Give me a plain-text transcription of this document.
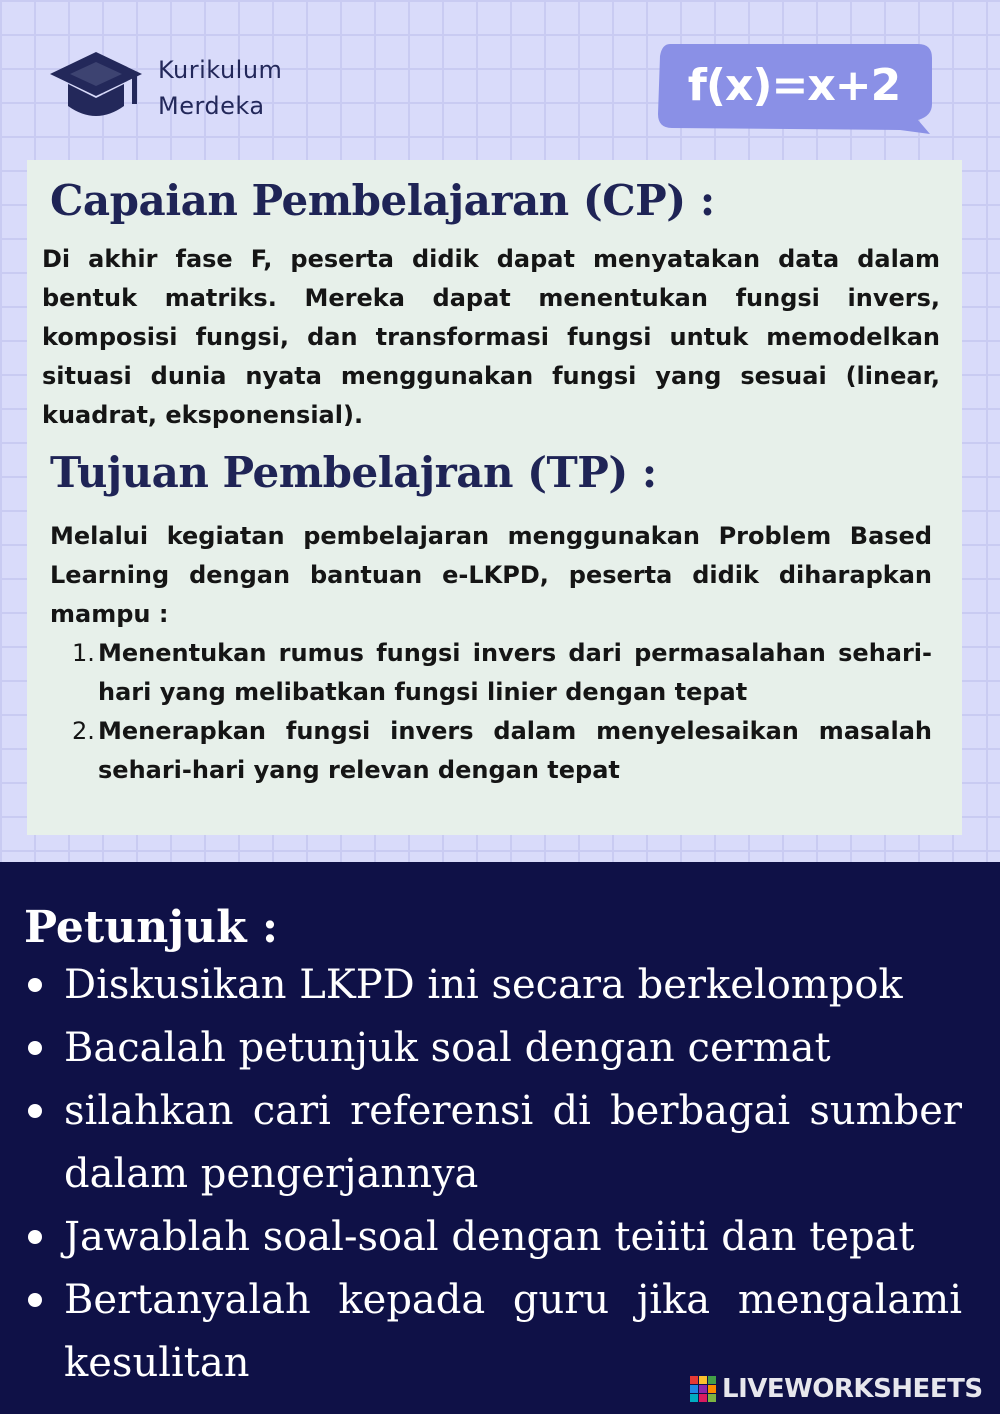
Kurikulum
Merdeka	f(x)=x+2
Capaian Pembelajaran (CP) :

Di akhir fase F, peserta didik dapat menyatakan data dalam bentuk matriks. Mereka dapat menentukan fungsi invers, komposisi fungsi, dan transformasi fungsi untuk memodelkan situasi dunia nyata menggunakan fungsi yang sesuai (linear, kuadrat, eksponensial).

Tujuan Pembelajran (TP) :

Melalui kegiatan pembelajaran menggunakan Problem Based Learning dengan bantuan e-LKPD, peserta didik diharapkan mampu :

1. Menentukan rumus fungsi invers dari permasalahan sehari-hari yang melibatkan fungsi linier dengan tepat
2. Menerapkan fungsi invers dalam menyelesaikan masalah sehari-hari yang relevan dengan tepat
Petunjuk :
Diskusikan LKPD ini secara berkelompok
Bacalah petunjuk soal dengan cermat
silahkan cari referensi di berbagai sumber dalam pengerjannya
Jawablah soal-soal dengan teiiti dan tepat
Bertanyalah kepada guru jika mengalami kesulitan
LIVEWORKSHEETS
